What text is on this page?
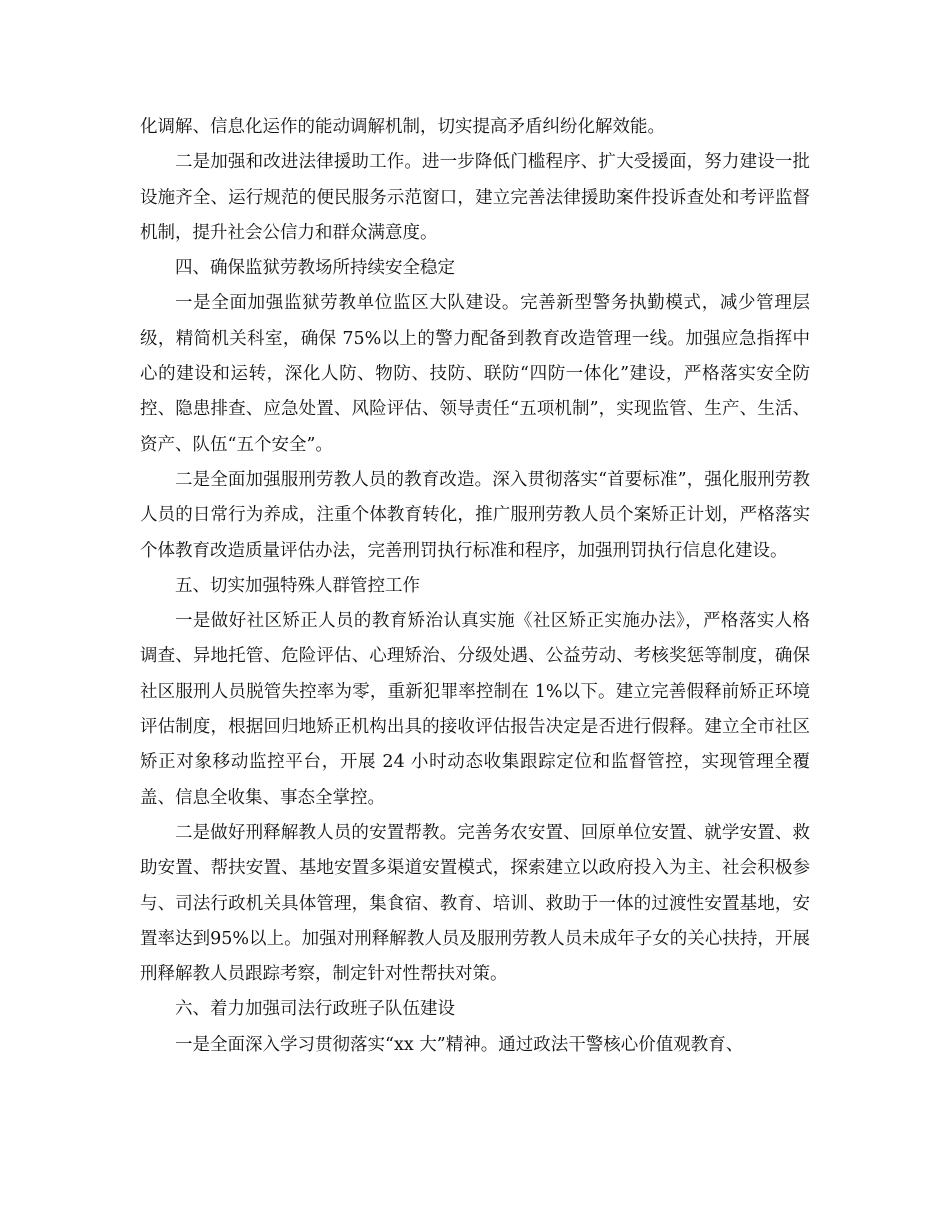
化调解、信息化运作的能动调解机制，切实提高矛盾纠纷化解效能。

二是加强和改进法律援助工作。进一步降低门槛程序、扩大受援面，努力建设一批设施齐全、运行规范的便民服务示范窗口，建立完善法律援助案件投诉查处和考评监督机制，提升社会公信力和群众满意度。

四、确保监狱劳教场所持续安全稳定

一是全面加强监狱劳教单位监区大队建设。完善新型警务执勤模式，减少管理层级，精简机关科室，确保 75%以上的警力配备到教育改造管理一线。加强应急指挥中心的建设和运转，深化人防、物防、技防、联防“四防一体化”建设，严格落实安全防控、隐患排查、应急处置、风险评估、领导责任“五项机制”，实现监管、生产、生活、资产、队伍“五个安全”。

二是全面加强服刑劳教人员的教育改造。深入贯彻落实“首要标准”，强化服刑劳教人员的日常行为养成，注重个体教育转化，推广服刑劳教人员个案矫正计划，严格落实个体教育改造质量评估办法，完善刑罚执行标准和程序，加强刑罚执行信息化建设。

五、切实加强特殊人群管控工作

一是做好社区矫正人员的教育矫治认真实施《社区矫正实施办法》，严格落实人格调查、异地托管、危险评估、心理矫治、分级处遇、公益劳动、考核奖惩等制度，确保社区服刑人员脱管失控率为零，重新犯罪率控制在 1%以下。建立完善假释前矫正环境评估制度，根据回归地矫正机构出具的接收评估报告决定是否进行假释。建立全市社区矫正对象移动监控平台，开展 24 小时动态收集跟踪定位和监督管控，实现管理全覆盖、信息全收集、事态全掌控。

二是做好刑释解教人员的安置帮教。完善务农安置、回原单位安置、就学安置、救助安置、帮扶安置、基地安置多渠道安置模式，探索建立以政府投入为主、社会积极参与、司法行政机关具体管理，集食宿、教育、培训、救助于一体的过渡性安置基地，安置率达到95%以上。加强对刑释解教人员及服刑劳教人员未成年子女的关心扶持，开展刑释解教人员跟踪考察，制定针对性帮扶对策。

六、着力加强司法行政班子队伍建设

一是全面深入学习贯彻落实“xx 大”精神。通过政法干警核心价值观教育、
